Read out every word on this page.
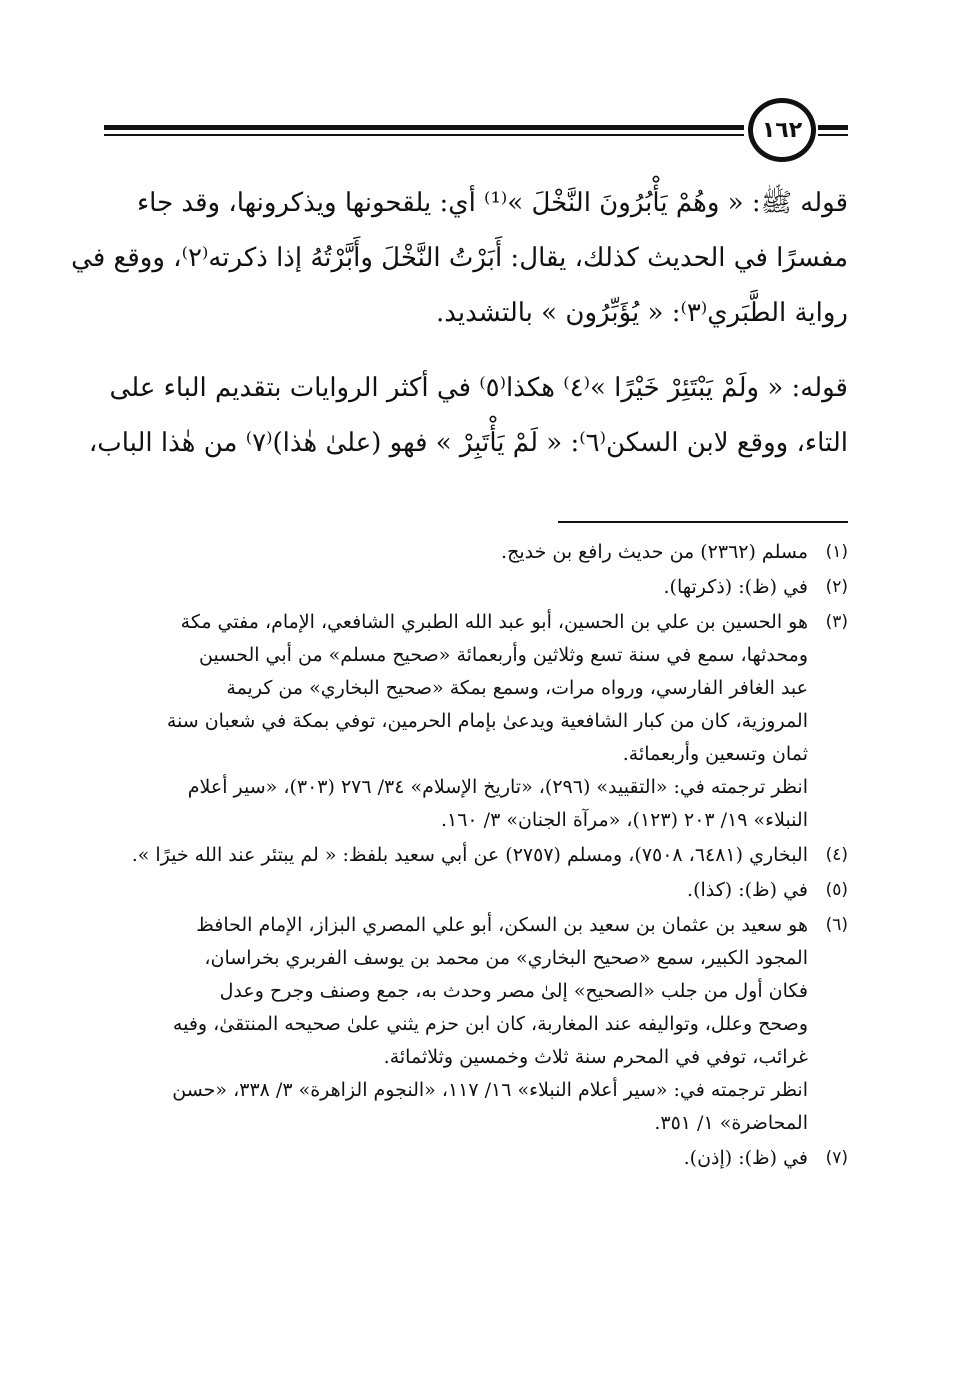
١٦٢

قوله ﷺ: « وهُمْ يَأْبُرُونَ النَّخْلَ »⁽¹⁾ أي: يلقحونها ويذكرونها، وقد جاء
مفسرًا في الحديث كذلك، يقال: أَبَرْتُ النَّخْلَ وأَبَّرْتُهُ إذا ذكرته⁽٢⁾، ووقع في
رواية الطَّبَري⁽٣⁾: « يُؤَبِّرُون » بالتشديد.

قوله: « ولَمْ يَبْتَئِرْ خَيْرًا »⁽٤⁾ هكذا⁽٥⁾ في أكثر الروايات بتقديم الباء على
التاء، ووقع لابن السكن⁽٦⁾: « لَمْ يَأْتَبِرْ » فهو (علىٰ هٰذا)⁽٧⁾ من هٰذا الباب،

(١)
مسلم (٢٣٦٢) من حديث رافع بن خديج.
(٢)
في (ظ): (ذكرتها).
(٣)
هو الحسين بن علي بن الحسين، أبو عبد الله الطبري الشافعي، الإمام، مفتي مكة
ومحدثها، سمع في سنة تسع وثلاثين وأربعمائة «صحيح مسلم» من أبي الحسين
عبد الغافر الفارسي، ورواه مرات، وسمع بمكة «صحيح البخاري» من كريمة
المروزية، كان من كبار الشافعية ويدعىٰ بإمام الحرمين، توفي بمكة في شعبان سنة
ثمان وتسعين وأربعمائة.
انظر ترجمته في: «التقييد» (٢٩٦)، «تاريخ الإسلام» ٣٤/ ٢٧٦ (٣٠٣)، «سير أعلام
النبلاء» ١٩/ ٢٠٣ (١٢٣)، «مرآة الجنان» ٣/ ١٦٠.
(٤)
البخاري (٦٤٨١، ٧٥٠٨)، ومسلم (٢٧٥٧) عن أبي سعيد بلفظ: « لم يبتئر عند الله خيرًا ».
(٥)
في (ظ): (كذا).
(٦)
هو سعيد بن عثمان بن سعيد بن السكن، أبو علي المصري البزاز، الإمام الحافظ
المجود الكبير، سمع «صحيح البخاري» من محمد بن يوسف الفربري بخراسان،
فكان أول من جلب «الصحيح» إلىٰ مصر وحدث به، جمع وصنف وجرح وعدل
وصحح وعلل، وتواليفه عند المغاربة، كان ابن حزم يثني علىٰ صحيحه المنتقىٰ، وفيه
غرائب، توفي في المحرم سنة ثلاث وخمسين وثلاثمائة.
انظر ترجمته في: «سير أعلام النبلاء» ١٦/ ١١٧، «النجوم الزاهرة» ٣/ ٣٣٨، «حسن
المحاضرة» ١/ ٣٥١.
(٧)
في (ظ): (إذن).
